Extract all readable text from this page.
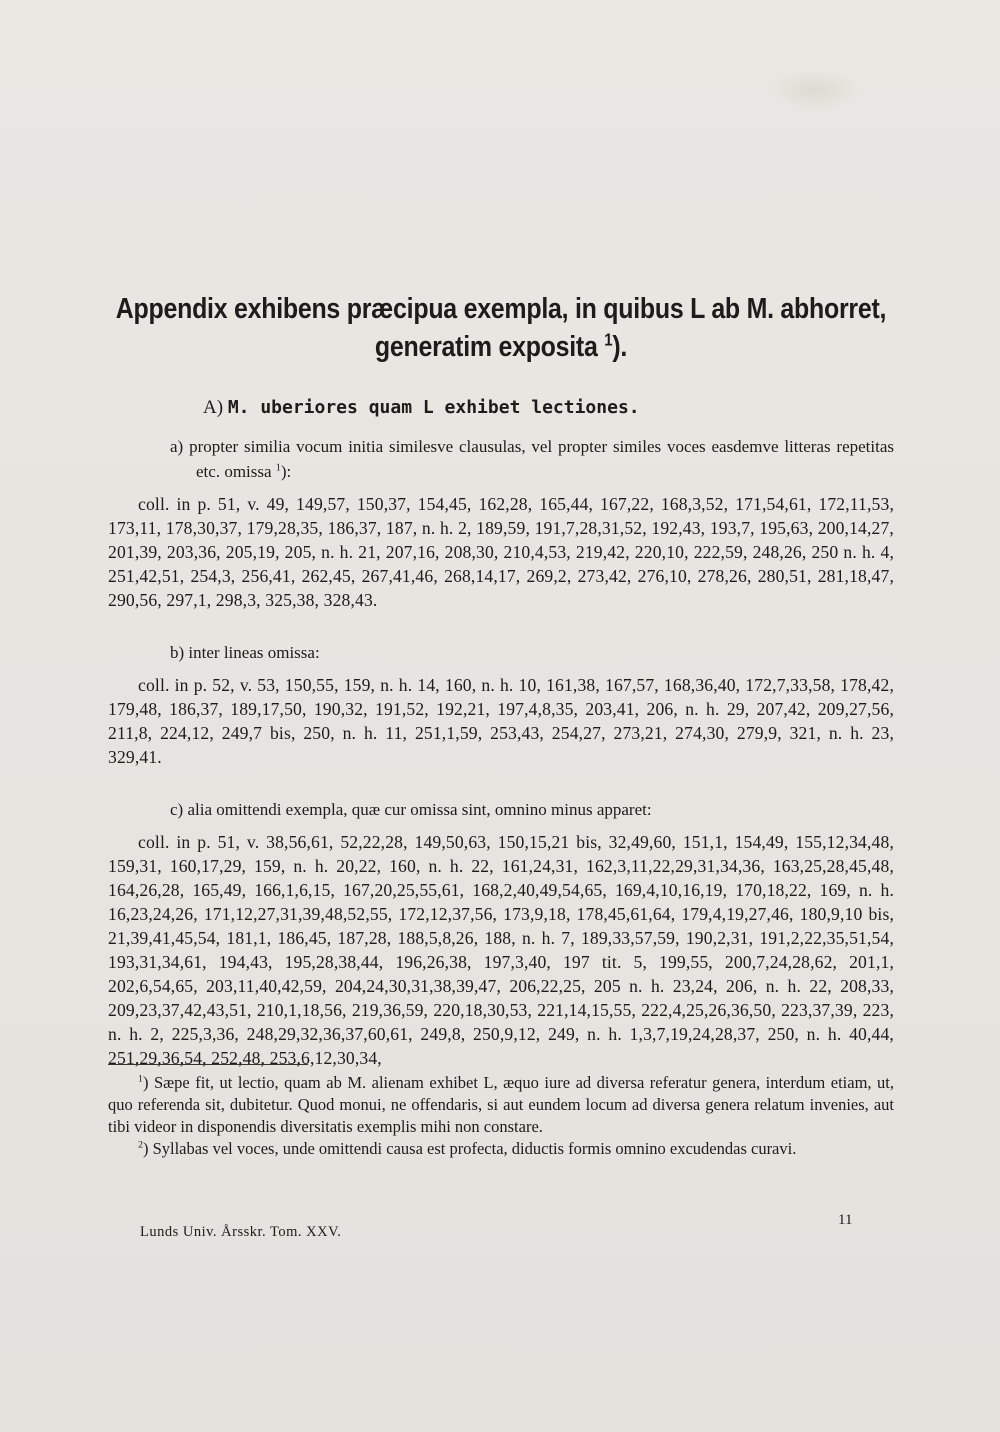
Appendix exhibens præcipua exempla, in quibus L ab M. abhorret,
generatim exposita $^1$).
A) M. uberiores quam L exhibet lectiones.

a) propter similia vocum initia similesve clausulas, vel propter similes voces easdemve litteras repetitas etc. omissa $^1$):

coll. in p. 51, v. 49, 149,57, 150,37, 154,45, 162,28, 165,44, 167,22, 168,3,52, 171,54,61, 172,11,53, 173,11, 178,30,37, 179,28,35, 186,37, 187, n. h. 2, 189,59, 191,7,28,31,52, 192,43, 193,7, 195,63, 200,14,27, 201,39, 203,36, 205,19, 205, n. h. 21, 207,16, 208,30, 210,4,53, 219,42, 220,10, 222,59, 248,26, 250 n. h. 4, 251,42,51, 254,3, 256,41, 262,45, 267,41,46, 268,14,17, 269,2, 273,42, 276,10, 278,26, 280,51, 281,18,47, 290,56, 297,1, 298,3, 325,38, 328,43.

b) inter lineas omissa:

coll. in p. 52, v. 53, 150,55, 159, n. h. 14, 160, n. h. 10, 161,38, 167,57, 168,36,40, 172,7,33,58, 178,42, 179,48, 186,37, 189,17,50, 190,32, 191,52, 192,21, 197,4,8,35, 203,41, 206, n. h. 29, 207,42, 209,27,56, 211,8, 224,12, 249,7 bis, 250, n. h. 11, 251,1,59, 253,43, 254,27, 273,21, 274,30, 279,9, 321, n. h. 23, 329,41.

c) alia omittendi exempla, quæ cur omissa sint, omnino minus apparet:

coll. in p. 51, v. 38,56,61, 52,22,28, 149,50,63, 150,15,21 bis, 32,49,60, 151,1, 154,49, 155,12,34,48, 159,31, 160,17,29, 159, n. h. 20,22, 160, n. h. 22, 161,24,31, 162,3,11,22,29,31,34,36, 163,25,28,45,48, 164,26,28, 165,49, 166,1,6,15, 167,20,25,55,61, 168,2,40,49,54,65, 169,4,10,16,19, 170,18,22, 169, n. h. 16,23,24,26, 171,12,27,31,39,48,52,55, 172,12,37,56, 173,9,18, 178,45,61,64, 179,4,19,27,46, 180,9,10 bis, 21,39,41,45,54, 181,1, 186,45, 187,28, 188,5,8,26, 188, n. h. 7, 189,33,57,59, 190,2,31, 191,2,22,35,51,54, 193,31,34,61, 194,43, 195,28,38,44, 196,26,38, 197,3,40, 197 tit. 5, 199,55, 200,7,24,28,62, 201,1, 202,6,54,65, 203,11,40,42,59, 204,24,30,31,38,39,47, 206,22,25, 205 n. h. 23,24, 206, n. h. 22, 208,33, 209,23,37,42,43,51, 210,1,18,56, 219,36,59, 220,18,30,53, 221,14,15,55, 222,4,25,26,36,50, 223,37,39, 223, n. h. 2, 225,3,36, 248,29,32,36,37,60,61, 249,8, 250,9,12, 249, n. h. 1,3,7,19,24,28,37, 250, n. h. 40,44, 251,29,36,54, 252,48, 253,6,12,30,34,

$^1$) Sæpe fit, ut lectio, quam ab M. alienam exhibet L, æquo iure ad diversa referatur genera, interdum etiam, ut, quo referenda sit, dubitetur. Quod monui, ne offendaris, si aut eundem locum ad diversa genera relatum invenies, aut tibi videor in disponendis diversitatis exemplis mihi non constare.

$^2$) Syllabas vel voces, unde omittendi causa est profecta, diductis formis omnino excudendas curavi.

Lunds Univ. Årsskr. Tom. XXV.
11
